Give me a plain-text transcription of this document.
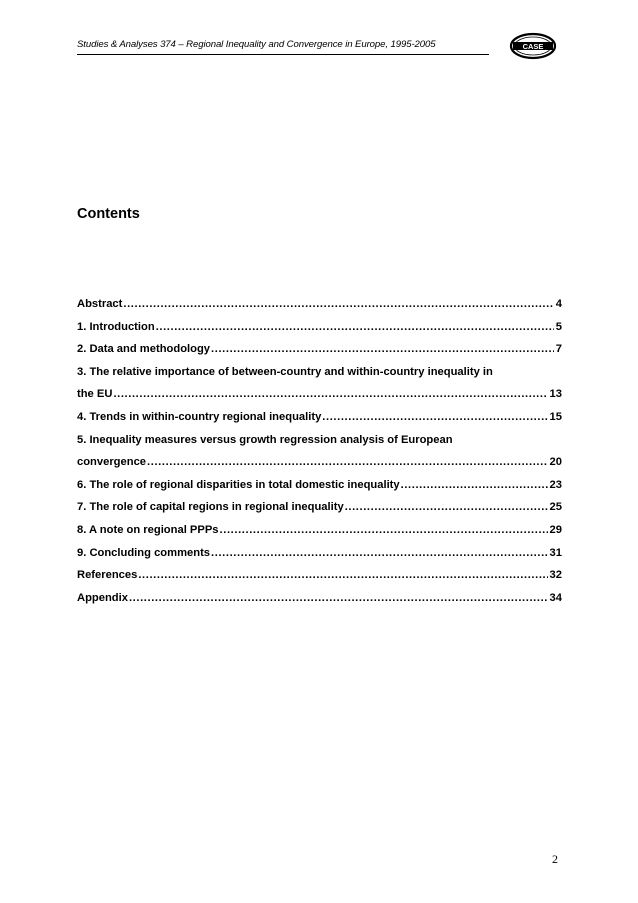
Studies & Analyses 374 – Regional Inequality and Convergence in Europe, 1995-2005	CASE
Contents
Abstract .....	4
1. Introduction .....	5
2. Data and methodology .....	7
3. The relative importance of between-country and within-country inequality in
the EU .....	13
4. Trends in within-country regional inequality .....	15
5. Inequality measures versus growth regression analysis of European
convergence .....	20
6. The role of regional disparities in total domestic inequality .....	23
7. The role of capital regions in regional inequality .....	25
8. A note on regional PPPs .....	29
9. Concluding comments .....	31
References .....	32
Appendix .....	34
2
